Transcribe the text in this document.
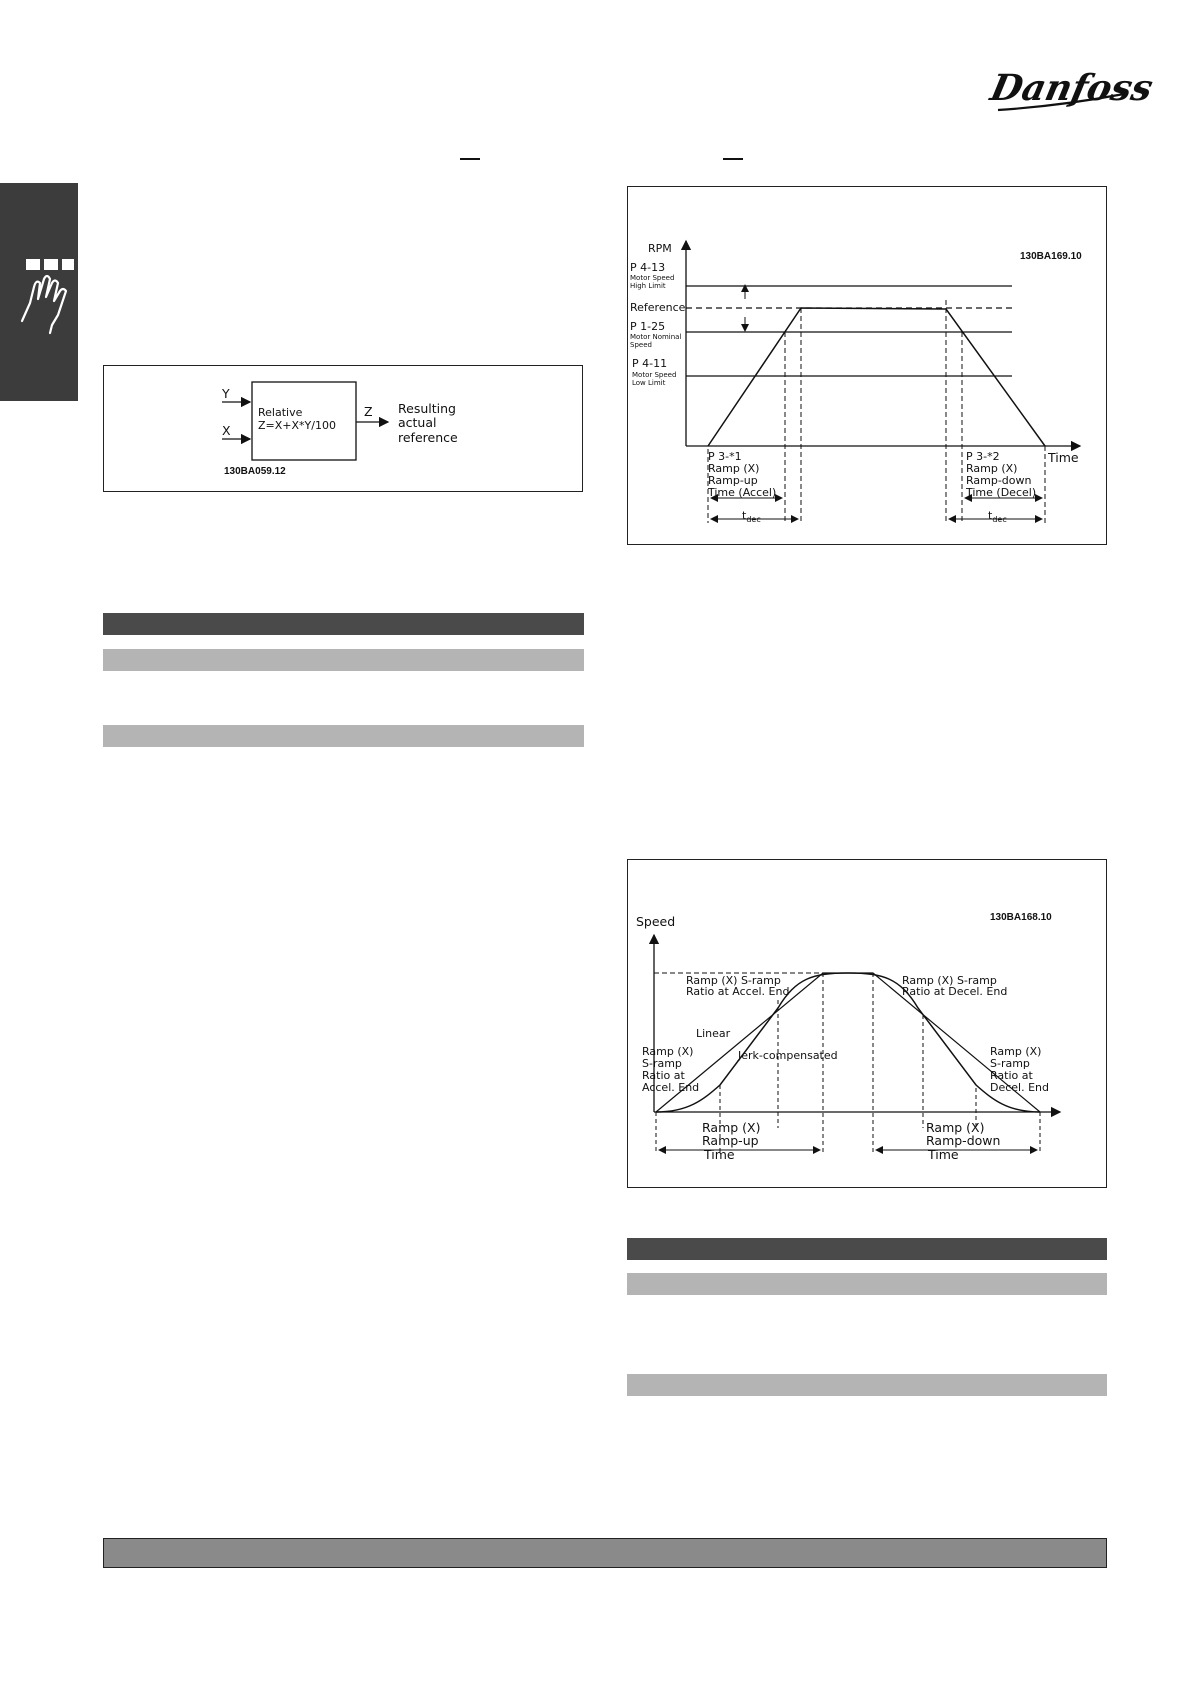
Danfoss
Y
X
Relative
Z=X+X*Y/100
Z Resulting
actual
reference
130BA059.12
RPM
130BA169.10
P 4-13
Motor Speed
High Limit
Reference
P 1-25
Motor Nominal
Speed
P 4-11
Motor Speed
Low Limit
Time
P 3-*1
Ramp (X)
Ramp-up
Time (Accel)
P 3-*2
Ramp (X)
Ramp-down
Time (Decel)
$t_{dec}$	$t_{dec}$
Speed	130BA168.10
Ramp (X) S-ramp
Ratio at Accel. End
Ramp (X) S-ramp
Ratio at Decel. End
Linear
Jerk-compensated
Ramp (X)
S-ramp
Ratio at
Accel. End
Ramp (X)
S-ramp
Ratio at
Decel. End
Ramp (X)
Ramp-up
Time
Ramp (X)
Ramp-down
Time
